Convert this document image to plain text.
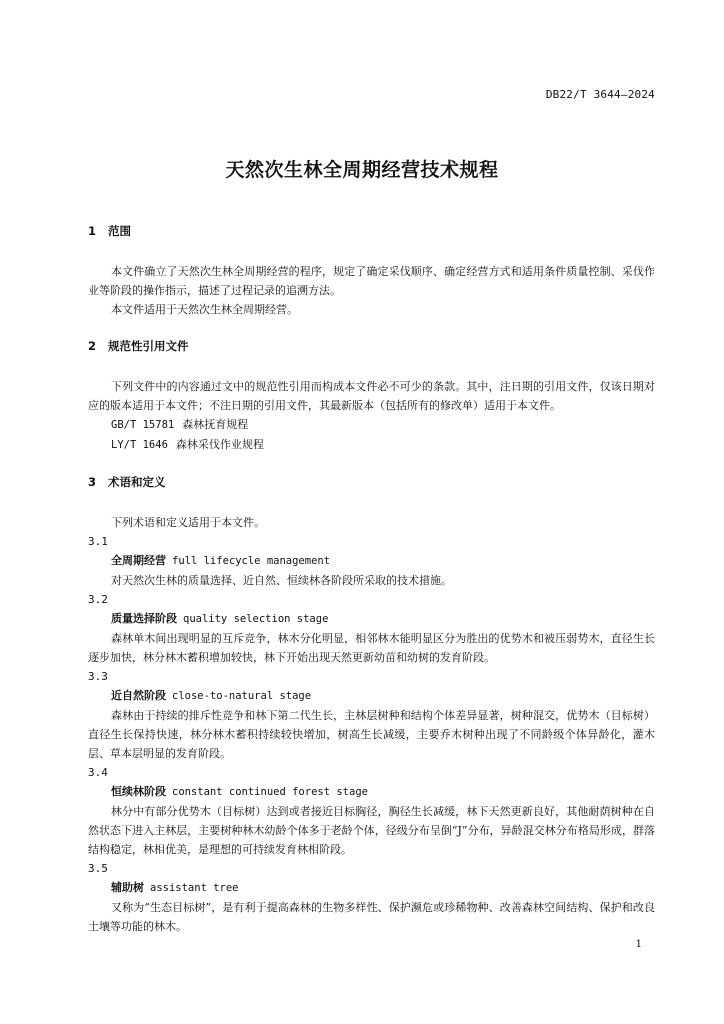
DB22/T 3644—2024
天然次生林全周期经营技术规程
1 范围

本文件确立了天然次生林全周期经营的程序，规定了确定采伐顺序、确定经营方式和适用条件质量控制、采伐作业等阶段的操作指示，描述了过程记录的追溯方法。

本文件适用于天然次生林全周期经营。

2 规范性引用文件

下列文件中的内容通过文中的规范性引用而构成本文件必不可少的条款。其中，注日期的引用文件，仅该日期对应的版本适用于本文件；不注日期的引用文件，其最新版本（包括所有的修改单）适用于本文件。

GB/T 15781 森林抚育规程
LY/T 1646 森林采伐作业规程
3 术语和定义

下列术语和定义适用于本文件。

3.1
全周期经营 full lifecycle management

对天然次生林的质量选择、近自然、恒续林各阶段所采取的技术措施。

3.2
质量选择阶段 quality selection stage

森林单木间出现明显的互斥竞争，林木分化明显，相邻林木能明显区分为胜出的优势木和被压弱势木，直径生长逐步加快，林分林木蓄积增加较快，林下开始出现天然更新幼苗和幼树的发育阶段。

3.3
近自然阶段 close-to-natural stage

森林由于持续的排斥性竞争和林下第二代生长，主林层树种和结构个体差异显著，树种混交，优势木（目标树）直径生长保持快速，林分林木蓄积持续较快增加，树高生长减缓，主要乔木树种出现了不同龄级个体异龄化，灌木层、草本层明显的发育阶段。

3.4
恒续林阶段 constant continued forest stage

林分中有部分优势木（目标树）达到或者接近目标胸径，胸径生长减缓，林下天然更新良好，其他耐荫树种在自然状态下进入主林层，主要树种林木幼龄个体多于老龄个体，径级分布呈倒“J”分布，异龄混交林分布格局形成，群落结构稳定，林相优美，是理想的可持续发育林相阶段。

3.5
辅助树 assistant tree

又称为“生态目标树”，是有利于提高森林的生物多样性、保护濒危或珍稀物种、改善森林空间结构、保护和改良土壤等功能的林木。

1
